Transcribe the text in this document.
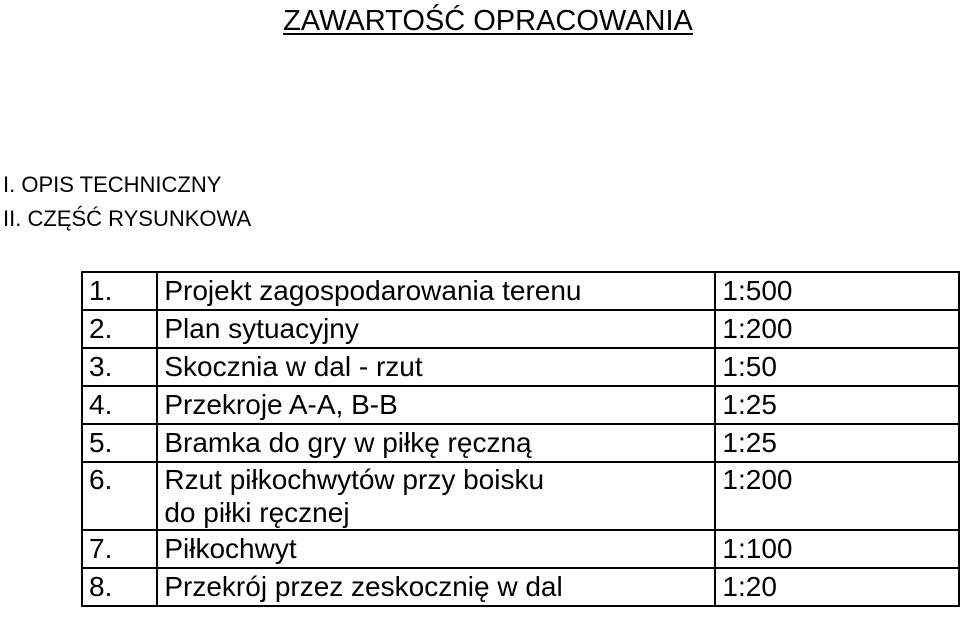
ZAWARTOŚĆ OPRACOWANIA
I. OPIS TECHNICZNY
II. CZĘŚĆ RYSUNKOWA
1.	Projekt zagospodarowania terenu	1:500
2.	Plan sytuacyjny	1:200
3.	Skocznia w dal - rzut	1:50
4.	Przekroje A-A, B-B	1:25
5.	Bramka do gry w piłkę ręczną	1:25
6.	Rzut piłkochwytów przy boisku
do piłki ręcznej	1:200
7.	Piłkochwyt	1:100
8.	Przekrój przez zeskocznię w dal	1:20
